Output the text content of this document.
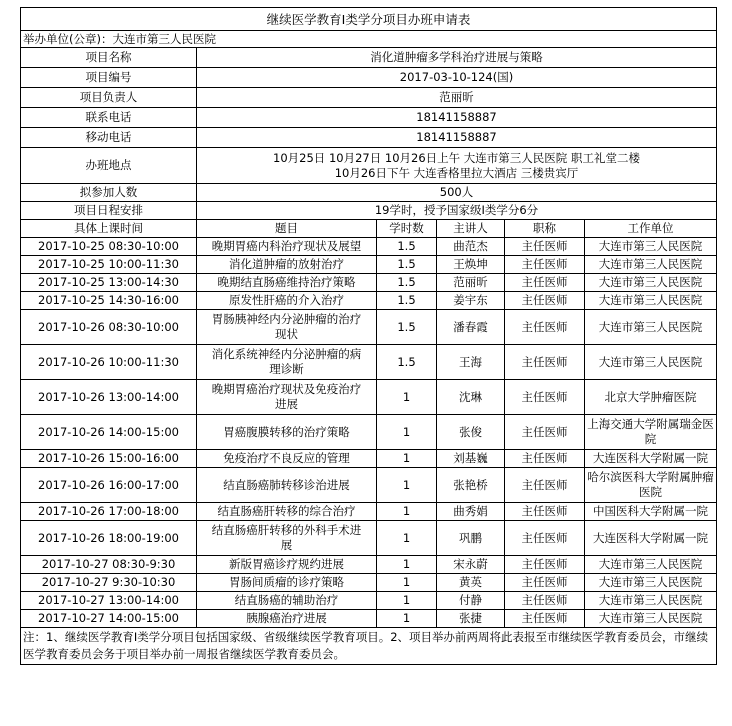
继续医学教育I类学分项目办班申请表					
举办单位(公章)：大连市第三人民医院					
项目名称	消化道肿瘤多学科治疗进展与策略				
项目编号	2017-03-10-124(国)				
项目负责人	范丽昕				
联系电话	18141158887				
移动电话	18141158887				
办班地点	10月25日 10月27日 10月26日上午 大连市第三人民医院 职工礼堂二楼
10月26日下午 大连香格里拉大酒店 三楼贵宾厅				

拟参加人数	500人				
项目日程安排	19学时，授予国家级I类学分6分				
具体上课时间	题目	学时数	主讲人	职称	工作单位
2017-10-25 08:30-10:00	晚期胃癌内科治疗现状及展望	1.5	曲范杰	主任医师	大连市第三人民医院

2017-10-25 10:00-11:30	消化道肿瘤的放射治疗	1.5	王焕坤	主任医师	大连市第三人民医院

2017-10-25 13:00-14:30	晚期结直肠癌维持治疗策略	1.5	范丽昕	主任医师	大连市第三人民医院

2017-10-25 14:30-16:00	原发性肝癌的介入治疗	1.5	姜宇东	主任医师	大连市第三人民医院

2017-10-26 08:30-10:00	胃肠胰神经内分泌肿瘤的治疗
现状	1.5	潘春霞	主任医师	大连市第三人民医院

2017-10-26 10:00-11:30	消化系统神经内分泌肿瘤的病
理诊断	1.5	王海	主任医师	大连市第三人民医院

2017-10-26 13:00-14:00	晚期胃癌治疗现状及免疫治疗
进展	1	沈琳	主任医师	北京大学肿瘤医院

2017-10-26 14:00-15:00	胃癌腹膜转移的治疗策略	1	张俊	主任医师	上海交通大学附属瑞金医
院

2017-10-26 15:00-16:00	免疫治疗不良反应的管理	1	刘基巍	主任医师	大连医科大学附属一院

2017-10-26 16:00-17:00	结直肠癌肺转移诊治进展	1	张艳桥	主任医师	哈尔滨医科大学附属肿瘤
医院

2017-10-26 17:00-18:00	结直肠癌肝转移的综合治疗	1	曲秀娟	主任医师	中国医科大学附属一院

2017-10-26 18:00-19:00	结直肠癌肝转移的外科手术进
展	1	巩鹏	主任医师	大连医科大学附属一院

2017-10-27 08:30-9:30	新版胃癌诊疗规约进展	1	宋永蔚	主任医师	大连市第三人民医院

2017-10-27 9:30-10:30	胃肠间质瘤的诊疗策略	1	黄英	主任医师	大连市第三人民医院

2017-10-27 13:00-14:00	结直肠癌的辅助治疗	1	付静	主任医师	大连市第三人民医院

2017-10-27 14:00-15:00	胰腺癌治疗进展	1	张捷	主任医师	大连市第三人民医院

注：1、继续医学教育Ⅰ类学分项目包括国家级、省级继续医学教育项目。2、项目举办前两周将此表报至市继续医学教育委员会，市继续医学教育委员会务于项目举办前一周报省继续医学教育委员会。					
